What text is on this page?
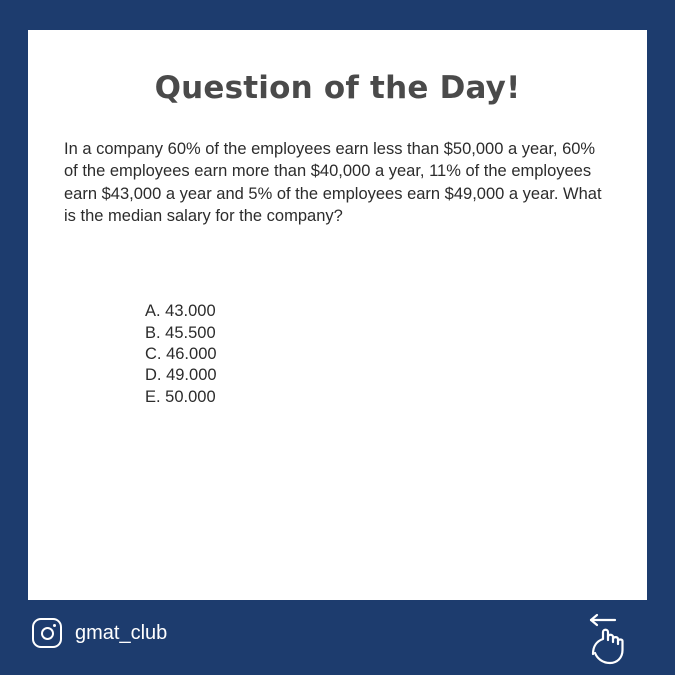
Question of the Day!

In a company 60% of the employees earn less than $50,000 a year, 60% of the employees earn more than $40,000 a year, 11% of the employees earn $43,000 a year and 5% of the employees earn $49,000 a year. What is the median salary for the company?

A. 43.000
B. 45.500
C. 46.000
D. 49.000
E. 50.000
gmat_club
